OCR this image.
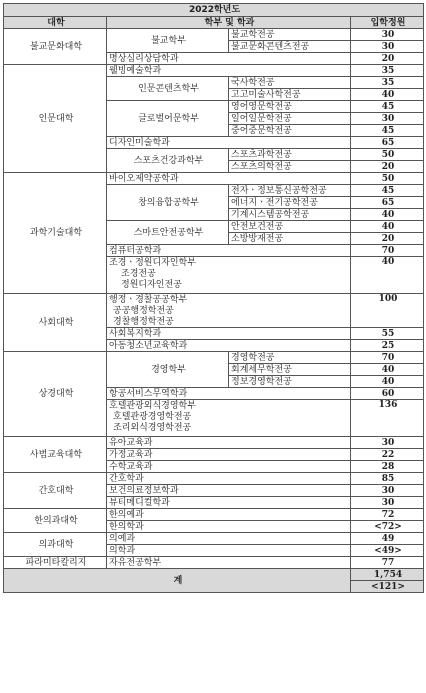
2022학년도			
대학	학부 및 학과		입학정원
불교문화대학	불교학부	불교학전공	30
		불교문화콘텐츠전공	30
	명상심리상담학과		20
인문대학	웰빙예술학과		35
	인문콘텐츠학부	국사학전공	35
		고고미술사학전공	40
	글로벌어문학부	영어영문학전공	45
		일어일문학전공	30
		중어중문학전공	45
	디자인미술학과		65
	스포츠건강과학부	스포츠과학전공	50
		스포츠의학전공	20
과학기술대학	바이오제약공학과		50
	창의융합공학부	전자ㆍ정보통신공학전공	45
		에너지ㆍ전기공학전공	65
		기계시스템공학전공	40
	스마트안전공학부	안전보건전공	40
		소방방재전공	20
	컴퓨터공학과		70
	조경ㆍ정원디자인학부		40
	조경전공		
	정원디자인전공		

사회대학	행정ㆍ경찰공공학부		100
	공공행정학전공		
	경찰행정학전공		
	사회복지학과		55
	아동청소년교육학과		25
상경대학	경영학부	경영학전공	70
		회계세무학전공	40
		정보경영학전공	40
	항공서비스무역학과		60
	호텔관광외식경영학부		136
	호텔관광경영학전공		
	조리외식경영학전공		

사범교육대학	유아교육과		30
	가정교육과		22
	수학교육과		28
간호대학	간호학과		85
	보건의료정보학과		30
	뷰티메디컬학과		30
한의과대학	한의예과		72
	한의학과		<72>
의과대학	의예과		49
	의학과		<49>
파라미타칼리지	자유전공학부		77
계			1,754
			<121>
